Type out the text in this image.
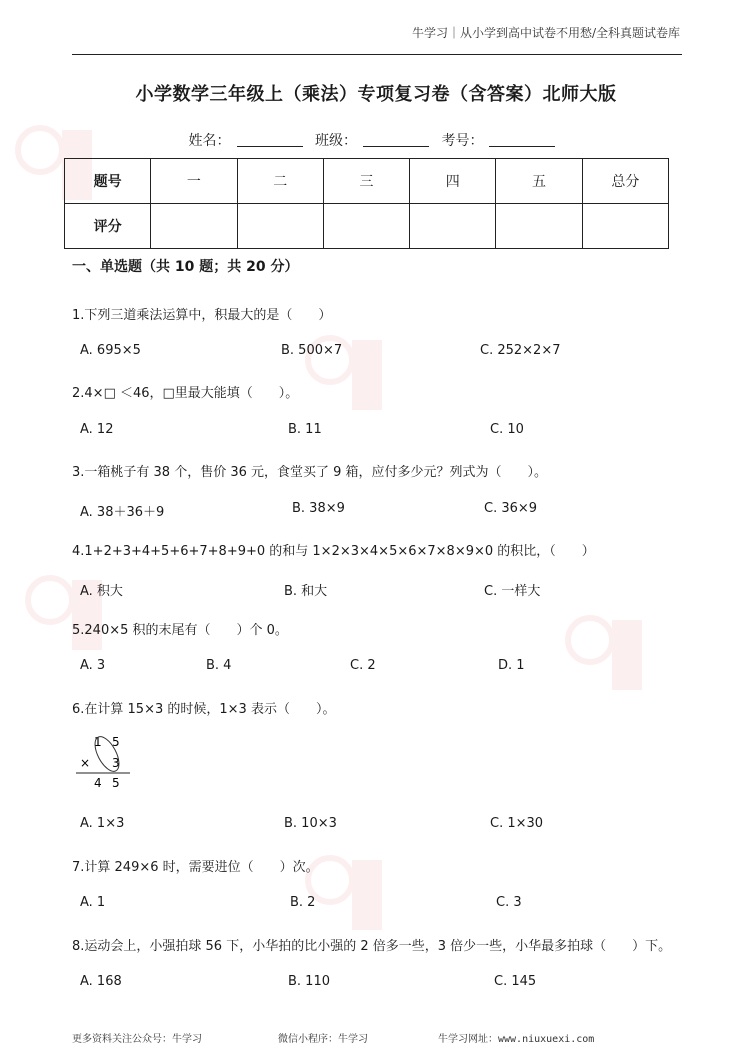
牛学习｜从小学到高中试卷不用愁/全科真题试卷库
小学数学三年级上（乘法）专项复习卷（含答案）北师大版
姓名：	班级：	考号：
题号	一	二	三	四	五	总分
评分						
一、单选题（共 10 题；共 20 分）
1.下列三道乘法运算中，积最大的是（　　）
A. 695×5	B. 500×7	C. 252×2×7
2.4×□ ＜46，□里最大能填（　　）。
A. 12	B. 11	C. 10
3.一箱桃子有 38 个，售价 36 元，食堂买了 9 箱，应付多少元？列式为（　　）。
A. 38＋36＋9	B. 38×9	C. 36×9
4.1+2+3+4+5+6+7+8+9+0 的和与 1×2×3×4×5×6×7×8×9×0 的积比，（　　）
A. 积大	B. 和大	C. 一样大
5.240×5 积的末尾有（　　）个 0。
A. 3	B. 4	C. 2	D. 1
6.在计算 15×3 的时候，1×3 表示（　　）。
1 5
× 3
4 5
A. 1×3	B. 10×3	C. 1×30
7.计算 249×6 时，需要进位（　　）次。
A. 1	B. 2	C. 3
8.运动会上，小强拍球 56 下，小华拍的比小强的 2 倍多一些，3 倍少一些，小华最多拍球（　　）下。
A. 168	B. 110	C. 145
更多资料关注公众号：牛学习	微信小程序：牛学习	牛学习网址：www.niuxuexi.com
